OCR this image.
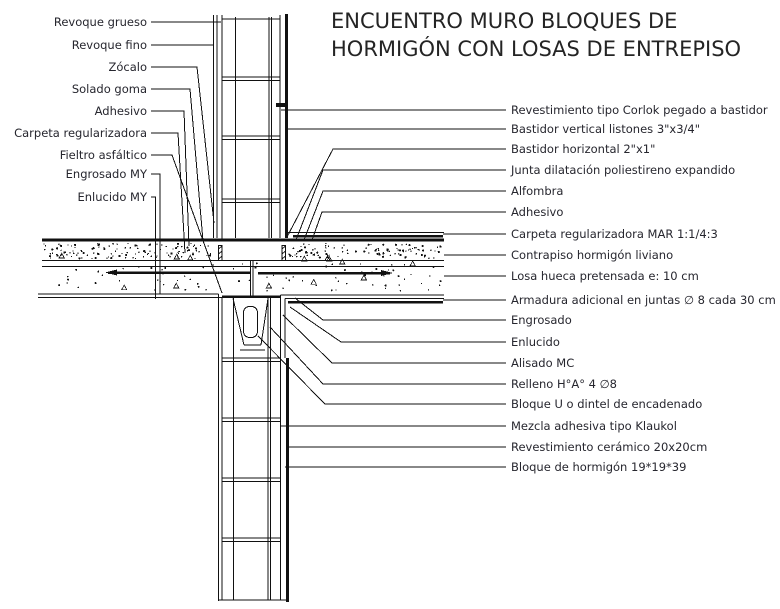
ENCUENTRO MURO BLOQUES DE HORMIGÓN CON LOSAS DE ENTREPISO
Revoque grueso
Revoque fino
Zócalo
Solado goma
Adhesivo
Carpeta regularizadora
Fieltro asfáltico
Engrosado MY
Enlucido MY
Revestimiento tipo Corlok pegado a bastidor
Bastidor vertical listones 3"x3/4"
Bastidor horizontal 2"x1"
Junta dilatación poliestireno expandido
Alfombra
Adhesivo
Carpeta regularizadora MAR 1:1/4:3
Contrapiso hormigón liviano
Losa hueca pretensada e: 10 cm
Armadura adicional en juntas ∅ 8 cada 30 cm
Engrosado
Enlucido
Alisado MC
Relleno H°A° 4 ∅8
Bloque U o dintel de encadenado
Mezcla adhesiva tipo Klaukol
Revestimiento cerámico 20x20cm
Bloque de hormigón 19*19*39
